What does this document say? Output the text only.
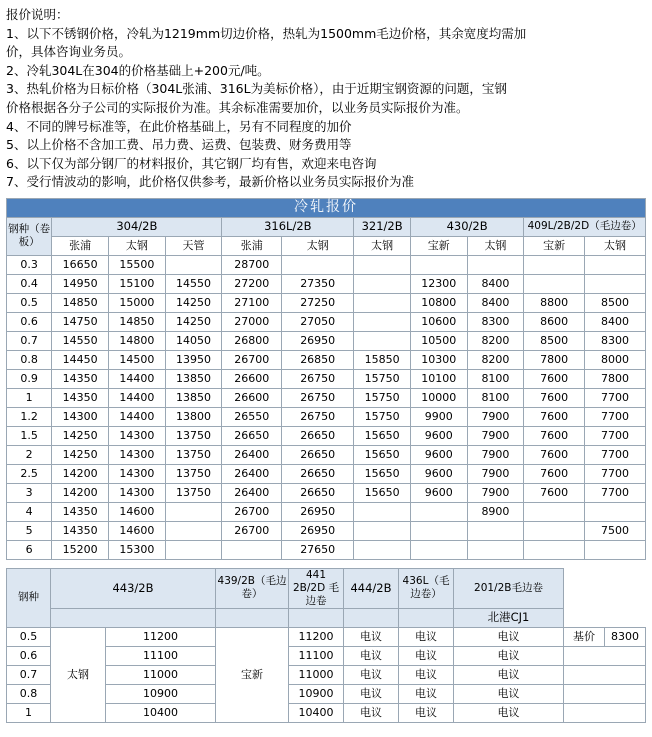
报价说明：
1、以下不锈钢价格，冷轧为1219mm切边价格，热轧为1500mm毛边价格，其余宽度均需加
价，具体咨询业务员。
2、冷轧304L在304的价格基础上+200元/吨。
3、热轧价格为日标价格（304L张浦、316L为美标价格），由于近期宝钢资源的问题，宝钢
价格根据各分子公司的实际报价为准。其余标准需要加价，以业务员实际报价为准。
4、不同的牌号标准等，在此价格基础上，另有不同程度的加价
5、以上价格不含加工费、吊力费、运费、包装费、财务费用等
6、以下仅为部分钢厂的材料报价，其它钢厂均有售，欢迎来电咨询
7、受行情波动的影响，此价格仅供参考，最新价格以业务员实际报价为准
冷轧报价										
钢种（卷板）	304/2B			316L/2B		321/2B	430/2B		409L/2B/2D（毛边卷）	
	张浦	太钢	天管	张浦	太钢	太钢	宝新	太钢	宝新	太钢
0.3	16650	15500		28700						
0.4	14950	15100	14550	27200	27350		12300	8400		
0.5	14850	15000	14250	27100	27250		10800	8400	8800	8500
0.6	14750	14850	14250	27000	27050		10600	8300	8600	8400
0.7	14550	14800	14050	26800	26950		10500	8200	8500	8300
0.8	14450	14500	13950	26700	26850	15850	10300	8200	7800	8000
0.9	14350	14400	13850	26600	26750	15750	10100	8100	7600	7800
1	14350	14400	13850	26600	26750	15750	10000	8100	7600	7700
1.2	14300	14400	13800	26550	26750	15750	9900	7900	7600	7700
1.5	14250	14300	13750	26650	26650	15650	9600	7900	7600	7700
2	14250	14300	13750	26400	26650	15650	9600	7900	7600	7700
2.5	14200	14300	13750	26400	26650	15650	9600	7900	7600	7700
3	14200	14300	13750	26400	26650	15650	9600	7900	7600	7700
4	14350	14600		26700	26950			8900		
5	14350	14600		26700	26950					7500
6	15200	15300			27650					
钢种	443/2B		439/2B（毛边卷）	441 2B/2D 毛边卷	444/2B	436L（毛边卷）	201/2B毛边卷		
							北港CJ1		
0.5	太钢	11200	宝新	11200	电议	电议	电议	基价	8300
0.6		11100		11100	电议	电议	电议		
0.7		11000		11000	电议	电议	电议		
0.8		10900		10900	电议	电议	电议		
1		10400		10400	电议	电议	电议		
